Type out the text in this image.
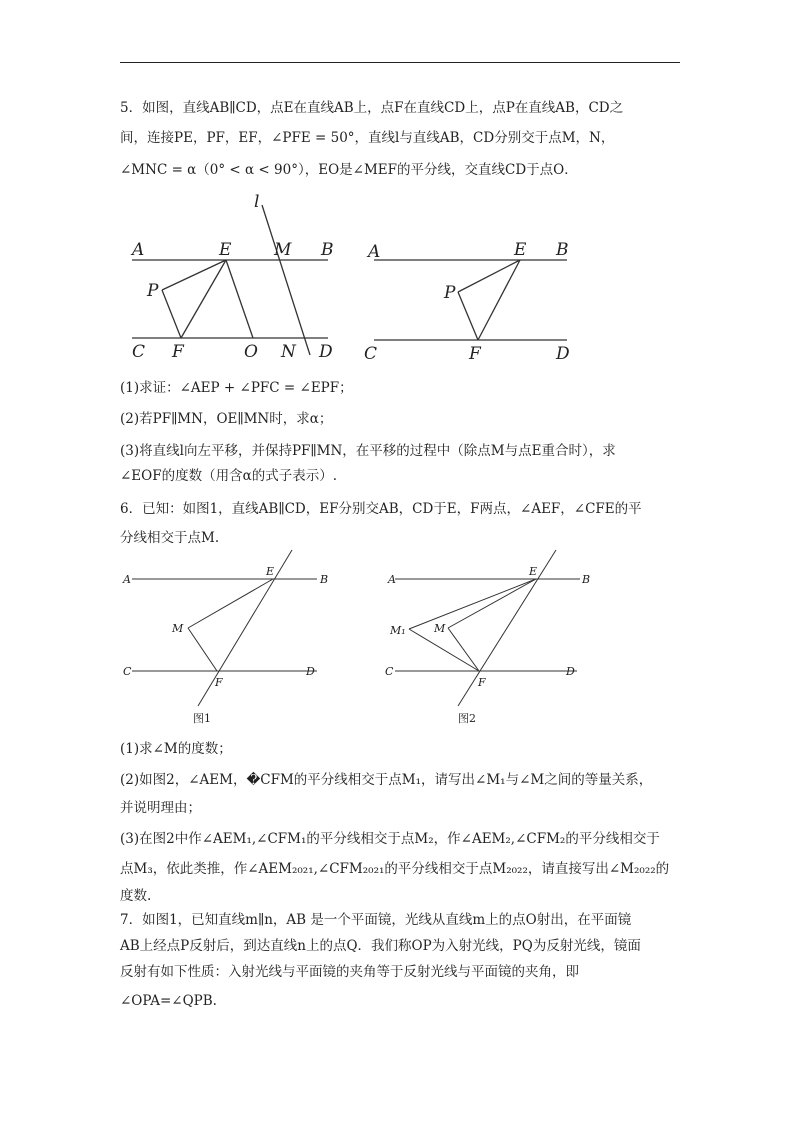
5．如图，直线AB∥CD，点E在直线AB上，点F在直线CD上，点P在直线AB，CD之
间，连接PE，PF，EF，∠PFE = 50°，直线l与直线AB，CD分别交于点M，N，
∠MNC = α（0° < α < 90°），EO是∠MEF的平分线，交直线CD于点O．
l
A	E	M B
P
C F	O N D
A	E B
P
C	F	D
(1)求证：∠AEP + ∠PFC = ∠EPF；
(2)若PF∥MN，OE∥MN时，求α；
(3)将直线l向左平移，并保持PF∥MN，在平移的过程中（除点M与点E重合时），求
∠EOF的度数（用含α的式子表示）.
6．已知：如图1，直线AB∥CD，EF分别交AB，CD于E，F两点，∠AEF，∠CFE的平
分线相交于点M.
A
E
B
M
C
F
D
图1
A
E
B
M₁	M
C
F
D
图2
(1)求∠M的度数；
(2)如图2，∠AEM，�CFM的平分线相交于点M₁，请写出∠M₁与∠M之间的等量关系，
并说明理由；
(3)在图2中作∠AEM₁,∠CFM₁的平分线相交于点M₂，作∠AEM₂,∠CFM₂的平分线相交于
点M₃，依此类推，作∠AEM₂₀₂₁,∠CFM₂₀₂₁的平分线相交于点M₂₀₂₂，请直接写出∠M₂₀₂₂的
度数.
7．如图1，已知直线m∥n，AB 是一个平面镜，光线从直线m上的点O射出，在平面镜
AB上经点P反射后，到达直线n上的点Q．我们称OP为入射光线，PQ为反射光线，镜面
反射有如下性质：入射光线与平面镜的夹角等于反射光线与平面镜的夹角，即
∠OPA=∠QPB.
